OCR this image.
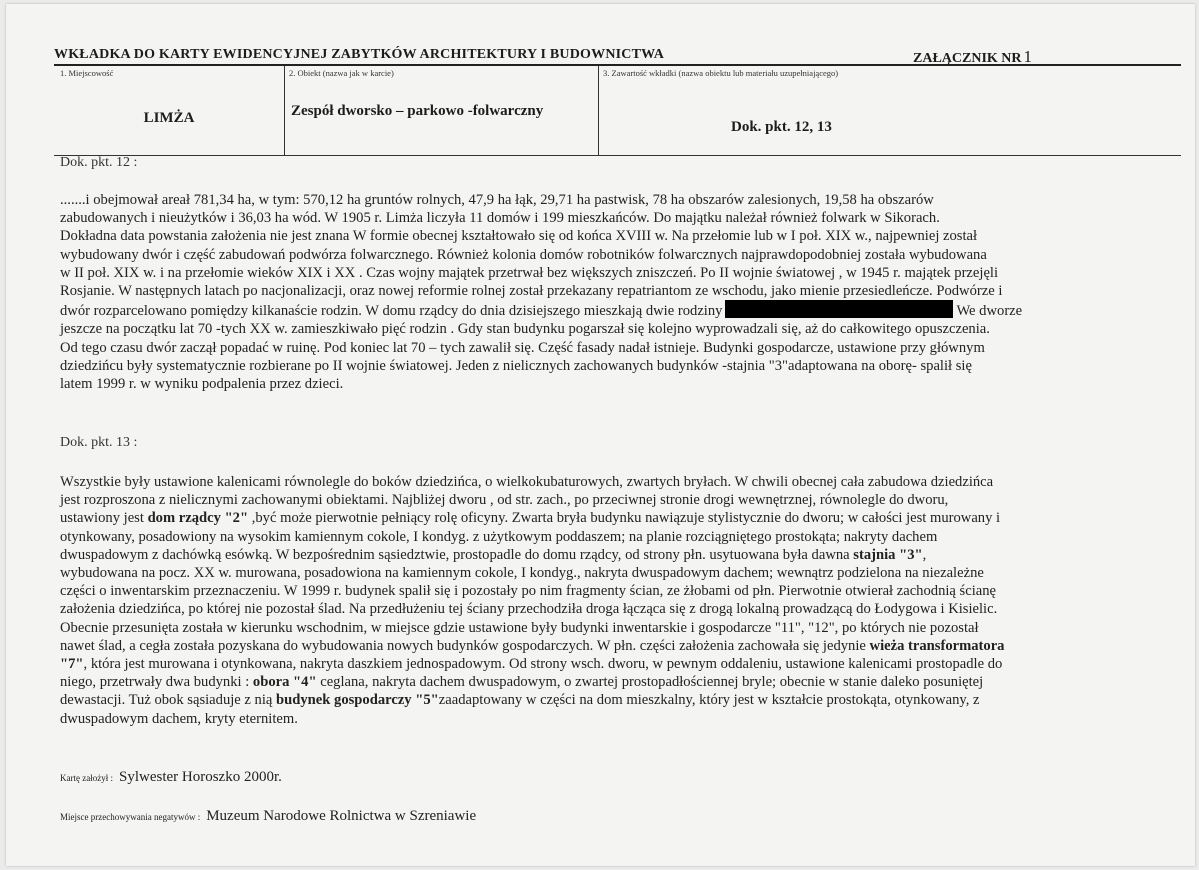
WKŁADKA DO KARTY EWIDENCYJNEJ ZABYTKÓW ARCHITEKTURY I BUDOWNICTWA	ZAŁĄCZNIK NR 1
1. Miejscowość
LIMŻA
2. Obiekt (nazwa jak w karcie)
Zespół dworsko – parkowo -folwarczny
3. Zawartość wkładki (nazwa obiektu lub materiału uzupełniającego)
Dok. pkt. 12, 13
Dok. pkt. 12 :
.......i obejmował areał 781,34 ha, w tym: 570,12 ha gruntów rolnych, 47,9 ha łąk, 29,71 ha pastwisk, 78 ha obszarów zalesionych, 19,58 ha obszarów
zabudowanych i nieużytków i 36,03 ha wód. W 1905 r. Limża liczyła 11 domów i 199 mieszkańców. Do majątku należał również folwark w Sikorach.
Dokładna data powstania założenia nie jest znana W formie obecnej kształtowało się od końca XVIII w. Na przełomie lub w I poł. XIX w., najpewniej został
wybudowany dwór i część zabudowań podwórza folwarcznego. Również kolonia domów robotników folwarcznych najprawdopodobniej została wybudowana
w II poł. XIX w. i na przełomie wieków XIX i XX . Czas wojny majątek przetrwał bez większych zniszczeń. Po II wojnie światowej , w 1945 r. majątek przejęli
Rosjanie. W następnych latach po nacjonalizacji, oraz nowej reformie rolnej został przekazany repatriantom ze wschodu, jako mienie przesiedleńcze. Podwórze i
dwór rozparcelowano pomiędzy kilkanaście rodzin. W domu rządcy do dnia dzisiejszego mieszkają dwie rodziny	We dworze
jeszcze na początku lat 70 -tych XX w. zamieszkiwało pięć rodzin . Gdy stan budynku pogarszał się kolejno wyprowadzali się, aż do całkowitego opuszczenia.
Od tego czasu dwór zaczął popadać w ruinę. Pod koniec lat 70 – tych zawalił się. Część fasady nadał istnieje. Budynki gospodarcze, ustawione przy głównym
dziedzińcu były systematycznie rozbierane po II wojnie światowej. Jeden z nielicznych zachowanych budynków -stajnia "3"adaptowana na oborę- spalił się
latem 1999 r. w wyniku podpalenia przez dzieci.
Dok. pkt. 13 :
Wszystkie były ustawione kalenicami równolegle do boków dziedzińca, o wielkokubaturowych, zwartych bryłach. W chwili obecnej cała zabudowa dziedzińca
jest rozproszona z nielicznymi zachowanymi obiektami. Najbliżej dworu , od str. zach., po przeciwnej stronie drogi wewnętrznej, równolegle do dworu,
ustawiony jest dom rządcy "2" ,być może pierwotnie pełniący rolę oficyny. Zwarta bryła budynku nawiązuje stylistycznie do dworu; w całości jest murowany i
otynkowany, posadowiony na wysokim kamiennym cokole, I kondyg. z użytkowym poddaszem; na planie rozciągniętego prostokąta; nakryty dachem
dwuspadowym z dachówką esówką. W bezpośrednim sąsiedztwie, prostopadle do domu rządcy, od strony płn. usytuowana była dawna stajnia "3",
wybudowana na pocz. XX w. murowana, posadowiona na kamiennym cokole, I kondyg., nakryta dwuspadowym dachem; wewnątrz podzielona na niezależne
części o inwentarskim przeznaczeniu. W 1999 r. budynek spalił się i pozostały po nim fragmenty ścian, ze żłobami od płn. Pierwotnie otwierał zachodnią ścianę
założenia dziedzińca, po której nie pozostał ślad. Na przedłużeniu tej ściany przechodziła droga łącząca się z drogą lokalną prowadzącą do Łodygowa i Kisielic.
Obecnie przesunięta została w kierunku wschodnim, w miejsce gdzie ustawione były budynki inwentarskie i gospodarcze "11", "12", po których nie pozostał
nawet ślad, a cegła została pozyskana do wybudowania nowych budynków gospodarczych. W płn. części założenia zachowała się jedynie wieża transformatora
"7", która jest murowana i otynkowana, nakryta daszkiem jednospadowym. Od strony wsch. dworu, w pewnym oddaleniu, ustawione kalenicami prostopadle do
niego, przetrwały dwa budynki : obora "4" ceglana, nakryta dachem dwuspadowym, o zwartej prostopadłościennej bryle; obecnie w stanie daleko posuniętej
dewastacji. Tuż obok sąsiaduje z nią budynek gospodarczy "5"zaadaptowany w części na dom mieszkalny, który jest w kształcie prostokąta, otynkowany, z
dwuspadowym dachem, kryty eternitem.
Kartę założył : Sylwester Horoszko 2000r.
Miejsce przechowywania negatywów : Muzeum Narodowe Rolnictwa w Szreniawie
